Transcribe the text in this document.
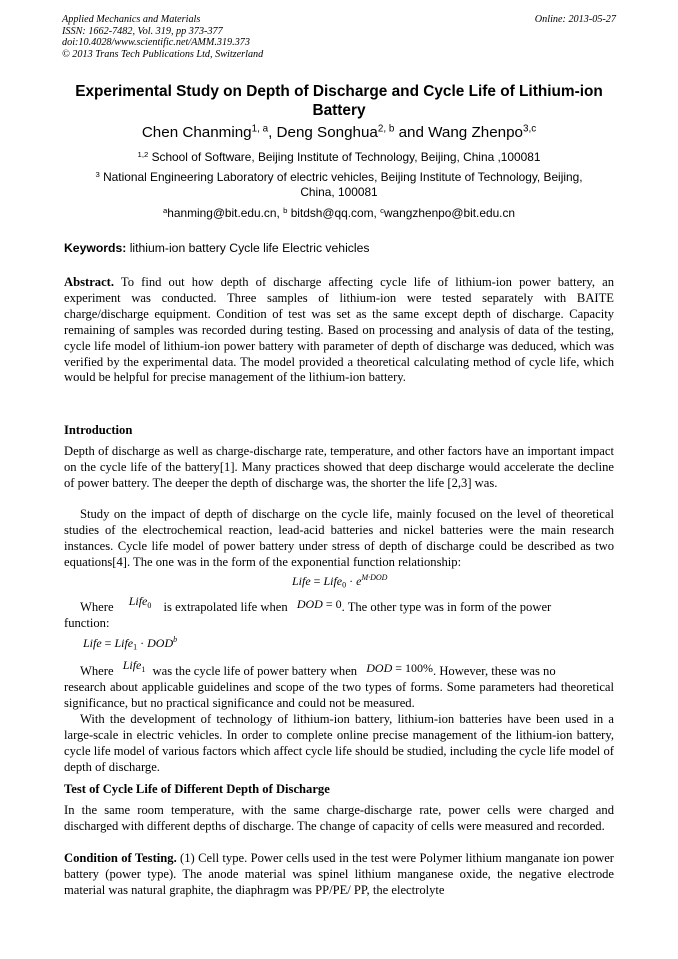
Applied Mechanics and Materials
ISSN: 1662-7482, Vol. 319, pp 373-377
doi:10.4028/www.scientific.net/AMM.319.373
© 2013 Trans Tech Publications Ltd, Switzerland
Online: 2013-05-27
Experimental Study on Depth of Discharge and Cycle Life of Lithium-ion
Battery
Chen Chanming$^{1, a}$, Deng Songhua$^{2, b}$ and Wang Zhenpo$^{3,c}$
$^{1,2}$ School of Software, Beijing Institute of Technology, Beijing, China ,100081
$^3$ National Engineering Laboratory of electric vehicles, Beijing Institute of Technology, Beijing, China, 100081
$^a$hanming@bit.edu.cn, $^b$ bitdsh@qq.com, $^c$wangzhenpo@bit.edu.cn
Keywords: lithium-ion battery Cycle life Electric vehicles
Abstract. To find out how depth of discharge affecting cycle life of lithium-ion power battery, an experiment was conducted. Three samples of lithium-ion were tested separately with BAITE charge/discharge equipment. Condition of test was set as the same except depth of discharge. Capacity remaining of samples was recorded during testing. Based on processing and analysis of data of the testing, cycle life model of lithium-ion power battery with parameter of depth of discharge was deduced, which was verified by the experimental data. The model provided a theoretical calculating method of cycle life, which would be helpful for precise management of the lithium-ion battery.
Introduction
Depth of discharge as well as charge-discharge rate, temperature, and other factors have an important impact on the cycle life of the battery[1]. Many practices showed that deep discharge would accelerate the decline of power battery. The deeper the depth of discharge was, the shorter the life [2,3] was.
Study on the impact of depth of discharge on the cycle life, mainly focused on the level of theoretical studies of the electrochemical reaction, lead-acid batteries and nickel batteries were the main research instances. Cycle life model of power battery under stress of depth of discharge could be described as two equations[4]. The one was in the form of the exponential function relationship:
Life = Life$_0$ · $e^{M\cdot DOD}$
Where Life$_0$ is extrapolated life when DOD = 0. The other type was in form of the power
function:
Life = Life$_1$ · $DOD^b$
Where Life$_1$ was the cycle life of power battery when DOD = 100%. However, these was no
research about applicable guidelines and scope of the two types of forms. Some parameters had theoretical significance, but no practical significance and could not be measured.
With the development of technology of lithium-ion battery, lithium-ion batteries have been used in a large-scale in electric vehicles. In order to complete online precise management of the lithium-ion battery, cycle life model of various factors which affect cycle life should be studied, including the cycle life model of depth of discharge.
Test of Cycle Life of Different Depth of Discharge
In the same room temperature, with the same charge-discharge rate, power cells were charged and discharged with different depths of discharge. The change of capacity of cells were measured and recorded.
Condition of Testing. (1) Cell type. Power cells used in the test were Polymer lithium manganate ion power battery (power type). The anode material was spinel lithium manganese oxide, the negative electrode material was natural graphite, the diaphragm was PP/PE/ PP, the electrolyte
